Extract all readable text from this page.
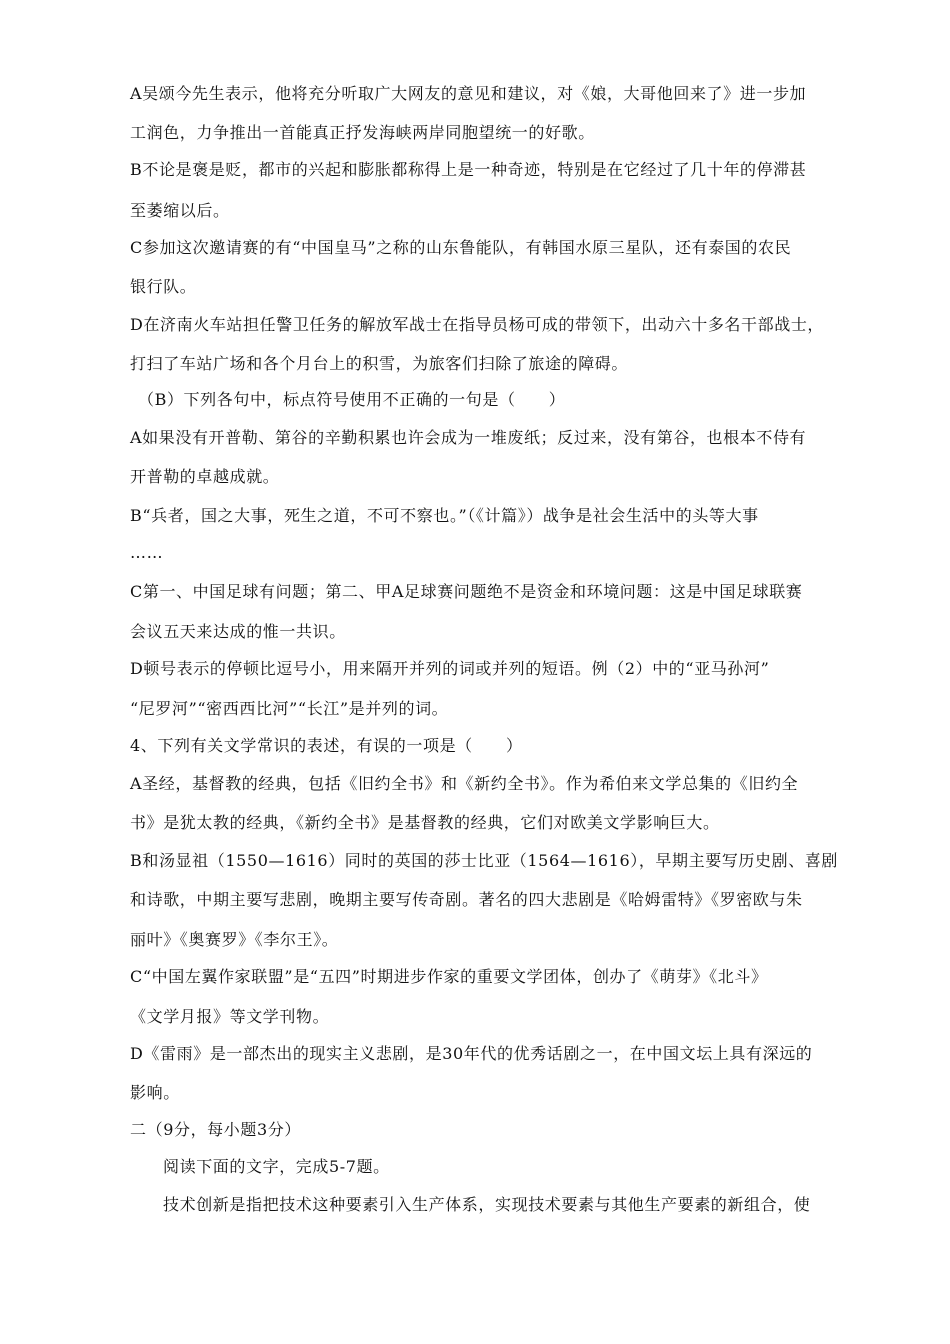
A吴颂今先生表示，他将充分听取广大网友的意见和建议，对《娘，大哥他回来了》进一步加
工润色，力争推出一首能真正抒发海峡两岸同胞望统一的好歌。
B不论是褒是贬，都市的兴起和膨胀都称得上是一种奇迹，特别是在它经过了几十年的停滞甚
至萎缩以后。
C参加这次邀请赛的有“中国皇马”之称的山东鲁能队，有韩国水原三星队，还有泰国的农民
银行队。
D在济南火车站担任警卫任务的解放军战士在指导员杨可成的带领下，出动六十多名干部战士，
打扫了车站广场和各个月台上的积雪，为旅客们扫除了旅途的障碍。
（B）下列各句中，标点符号使用不正确的一句是（　　）
A如果没有开普勒、第谷的辛勤积累也许会成为一堆废纸；反过来，没有第谷，也根本不侍有
开普勒的卓越成就。
B“兵者，国之大事，死生之道，不可不察也。”（《计篇》）战争是社会生活中的头等大事
……
C第一、中国足球有问题；第二、甲A足球赛问题绝不是资金和环境问题：这是中国足球联赛
会议五天来达成的惟一共识。
D顿号表示的停顿比逗号小，用来隔开并列的词或并列的短语。例（2）中的“亚马孙河”
“尼罗河”“密西西比河”“长江”是并列的词。
4、下列有关文学常识的表述，有误的一项是（　　）
A圣经，基督教的经典，包括《旧约全书》和《新约全书》。作为希伯来文学总集的《旧约全
书》是犹太教的经典，《新约全书》是基督教的经典，它们对欧美文学影响巨大。
B和汤显祖（1550—1616）同时的英国的莎士比亚（1564—1616），早期主要写历史剧、喜剧
和诗歌，中期主要写悲剧，晚期主要写传奇剧。著名的四大悲剧是《哈姆雷特》《罗密欧与朱
丽叶》《奥赛罗》《李尔王》。
C“中国左翼作家联盟”是“五四”时期进步作家的重要文学团体，创办了《萌芽》《北斗》
《文学月报》等文学刊物。
D《雷雨》是一部杰出的现实主义悲剧，是30年代的优秀话剧之一，在中国文坛上具有深远的
影响。
二（9分，每小题3分）
阅读下面的文字，完成5-7题。
技术创新是指把技术这种要素引入生产体系，实现技术要素与其他生产要素的新组合，使
